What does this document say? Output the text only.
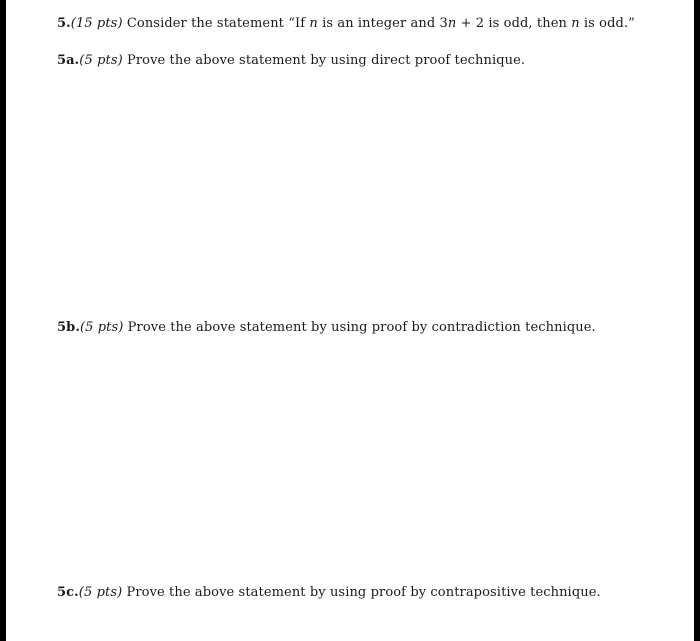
5.(15 pts) Consider the statement “If n is an integer and 3n + 2 is odd, then n is odd.”
5a.(5 pts) Prove the above statement by using direct proof technique.
5b.(5 pts) Prove the above statement by using proof by contradiction technique.
5c.(5 pts) Prove the above statement by using proof by contrapositive technique.
